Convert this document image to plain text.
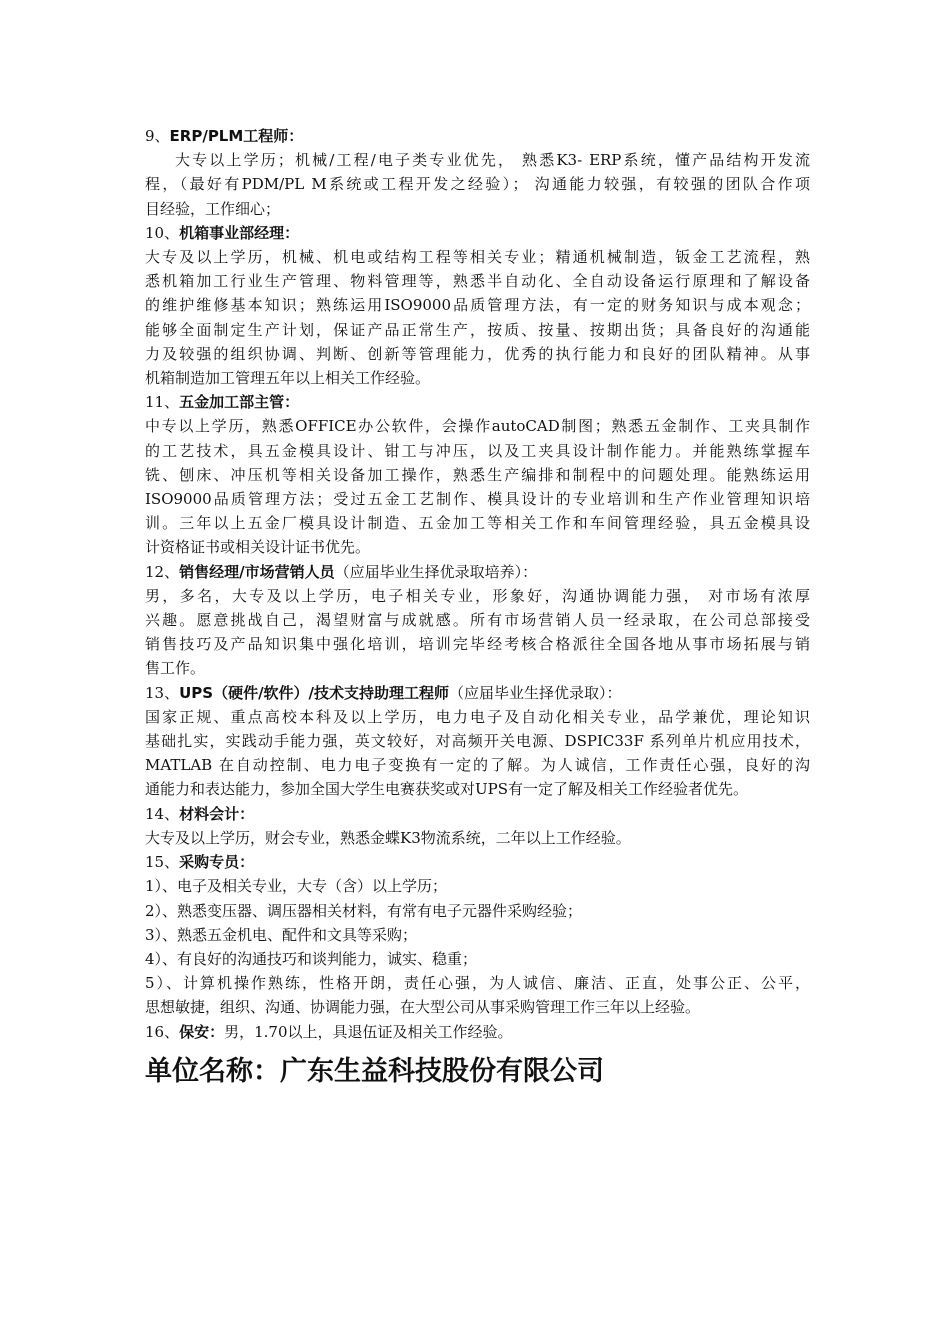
9、ERP/PLM工程师：

大专以上学历；机械/工程/电子类专业优先， 熟悉K3- ERP系统，懂产品结构开发流

程，（最好有PDM/PL M系统或工程开发之经验）； 沟通能力较强，有较强的团队合作项

目经验，工作细心；

10、机箱事业部经理：

大专及以上学历，机械、机电或结构工程等相关专业；精通机械制造，钣金工艺流程，熟

悉机箱加工行业生产管理、物料管理等，熟悉半自动化、全自动设备运行原理和了解设备

的维护维修基本知识；熟练运用ISO9000品质管理方法，有一定的财务知识与成本观念；

能够全面制定生产计划，保证产品正常生产，按质、按量、按期出货；具备良好的沟通能

力及较强的组织协调、判断、创新等管理能力，优秀的执行能力和良好的团队精神。从事

机箱制造加工管理五年以上相关工作经验。

11、五金加工部主管：

中专以上学历，熟悉OFFICE办公软件，会操作autoCAD制图；熟悉五金制作、工夹具制作

的工艺技术，具五金模具设计、钳工与冲压，以及工夹具设计制作能力。并能熟练掌握车

铣、刨床、冲压机等相关设备加工操作，熟悉生产编排和制程中的问题处理。能熟练运用

ISO9000品质管理方法；受过五金工艺制作、模具设计的专业培训和生产作业管理知识培

训。三年以上五金厂模具设计制造、五金加工等相关工作和车间管理经验，具五金模具设

计资格证书或相关设计证书优先。

12、销售经理/市场营销人员（应届毕业生择优录取培养）：

男，多名，大专及以上学历，电子相关专业，形象好，沟通协调能力强， 对市场有浓厚

兴趣。愿意挑战自己，渴望财富与成就感。所有市场营销人员一经录取，在公司总部接受

销售技巧及产品知识集中强化培训，培训完毕经考核合格派往全国各地从事市场拓展与销

售工作。

13、UPS（硬件/软件）/技术支持助理工程师（应届毕业生择优录取）：

国家正规、重点高校本科及以上学历，电力电子及自动化相关专业，品学兼优，理论知识

基础扎实，实践动手能力强，英文较好，对高频开关电源、DSPIC33F 系列单片机应用技术，

MATLAB 在自动控制、电力电子变换有一定的了解。为人诚信，工作责任心强，良好的沟

通能力和表达能力，参加全国大学生电赛获奖或对UPS有一定了解及相关工作经验者优先。

14、材料会计：

大专及以上学历，财会专业，熟悉金蝶K3物流系统，二年以上工作经验。

15、采购专员：

1）、电子及相关专业，大专（含）以上学历；

2）、熟悉变压器、调压器相关材料，有常有电子元器件采购经验；

3）、熟悉五金机电、配件和文具等采购；

4）、有良好的沟通技巧和谈判能力，诚实、稳重；

5）、计算机操作熟练，性格开朗，责任心强，为人诚信、廉洁、正直，处事公正、公平，

思想敏捷，组织、沟通、协调能力强，在大型公司从事采购管理工作三年以上经验。

16、保安：男，1.70以上，具退伍证及相关工作经验。

单位名称：广东生益科技股份有限公司
